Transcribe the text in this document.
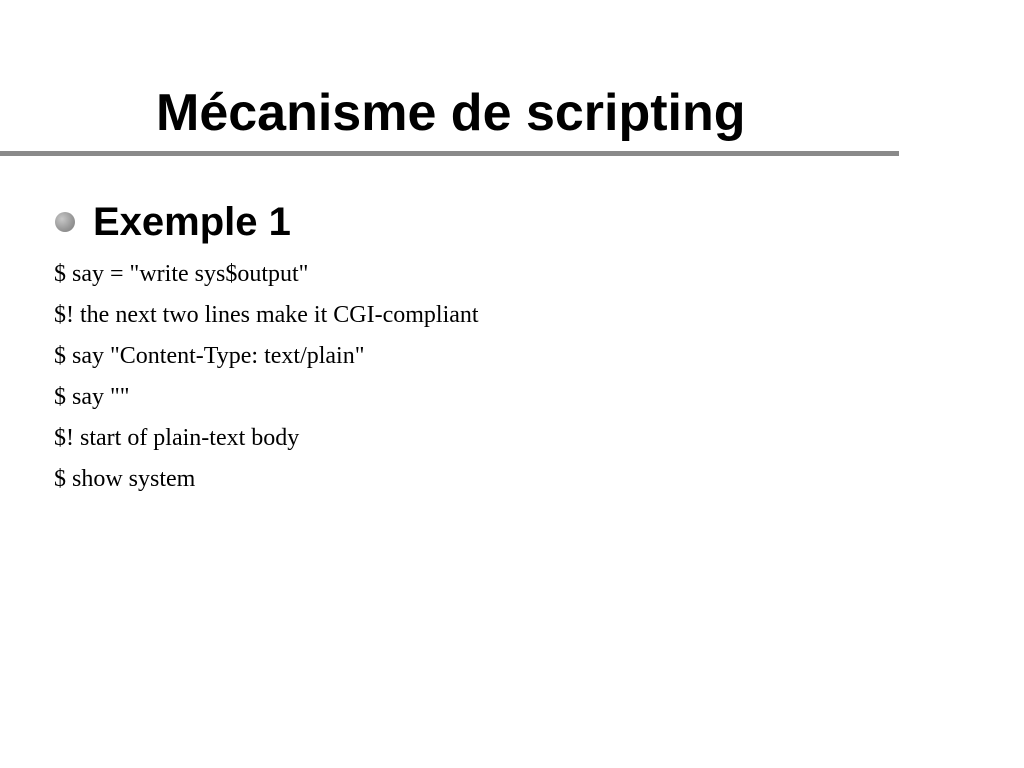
Mécanisme de scripting
Exemple 1
$ say = "write sys$output"
$! the next two lines make it CGI-compliant
$ say "Content-Type: text/plain"
$ say ""
$! start of plain-text body
$ show system
